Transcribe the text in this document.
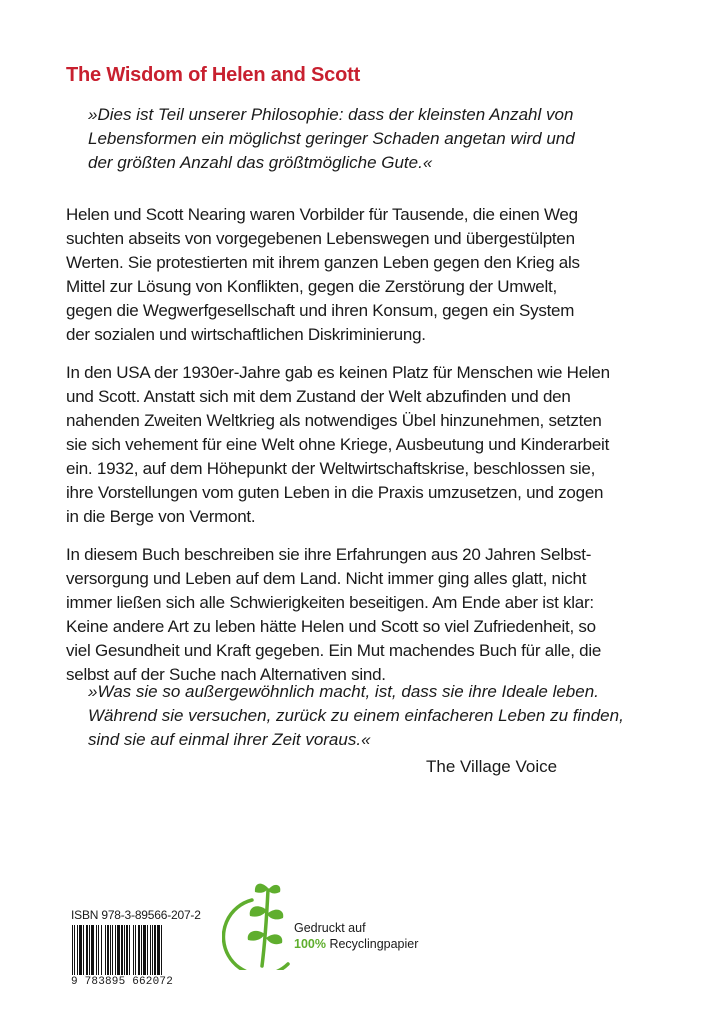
The Wisdom of Helen and Scott
»Dies ist Teil unserer Philosophie: dass der kleinsten Anzahl von
Lebensformen ein möglichst geringer Schaden angetan wird und
der größten Anzahl das größtmögliche Gute.«

Helen und Scott Nearing waren Vorbilder für Tausende, die einen Weg
suchten abseits von vorgegebenen Lebenswegen und übergestülpten
Werten. Sie protestierten mit ihrem ganzen Leben gegen den Krieg als
Mittel zur Lösung von Konflikten, gegen die Zerstörung der Umwelt,
gegen die Wegwerfgesellschaft und ihren Konsum, gegen ein System
der sozialen und wirtschaftlichen Diskriminierung.

In den USA der 1930er-Jahre gab es keinen Platz für Menschen wie Helen
und Scott. Anstatt sich mit dem Zustand der Welt abzufinden und den
nahenden Zweiten Weltkrieg als notwendiges Übel hinzunehmen, setzten
sie sich vehement für eine Welt ohne Kriege, Ausbeutung und Kinderarbeit
ein. 1932, auf dem Höhepunkt der Weltwirtschaftskrise, beschlossen sie,
ihre Vorstellungen vom guten Leben in die Praxis umzusetzen, und zogen
in die Berge von Vermont.

In diesem Buch beschreiben sie ihre Erfahrungen aus 20 Jahren Selbst-
versorgung und Leben auf dem Land. Nicht immer ging alles glatt, nicht
immer ließen sich alle Schwierigkeiten beseitigen. Am Ende aber ist klar:
Keine andere Art zu leben hätte Helen und Scott so viel Zufriedenheit, so
viel Gesundheit und Kraft gegeben. Ein Mut machendes Buch für alle, die
selbst auf der Suche nach Alternativen sind.

»Was sie so außergewöhnlich macht, ist, dass sie ihre Ideale leben.
Während sie versuchen, zurück zu einem einfacheren Leben zu finden,
sind sie auf einmal ihrer Zeit voraus.«
The Village Voice
ISBN 978-3-89566-207-2
9 783895 662072
Gedruckt auf
100% Recyclingpapier
